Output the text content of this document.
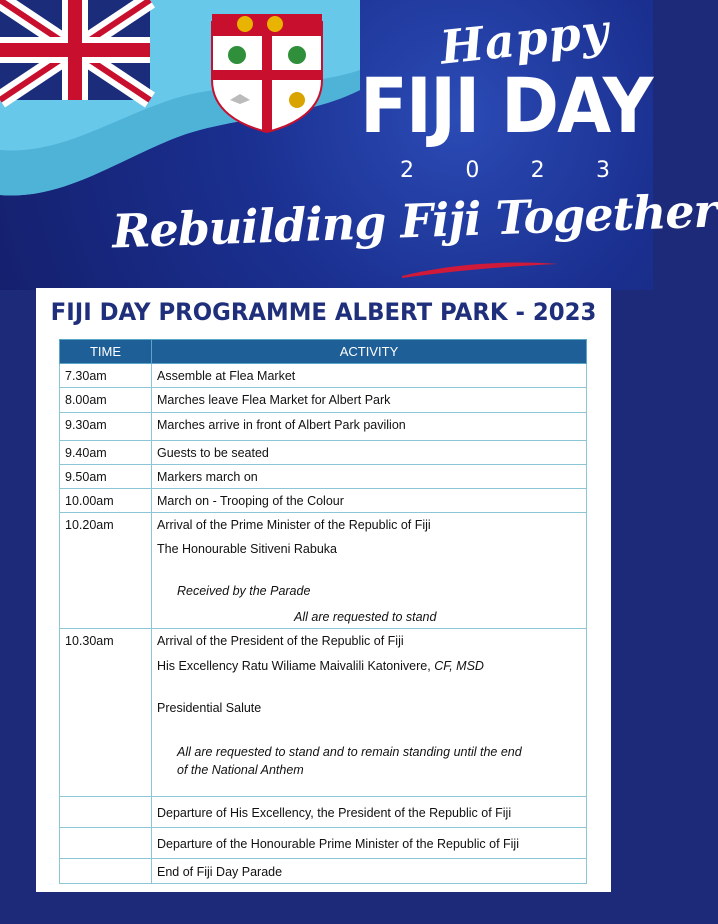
Happy
FIJI DAY
2 0 2 3
Rebuilding Fiji Together
FIJI DAY PROGRAMME ALBERT PARK - 2023
TIME	ACTIVITY
7.30am	Assemble at Flea Market
8.00am	Marches leave Flea Market for Albert Park
9.30am	Marches arrive in front of Albert Park pavilion
9.40am	Guests to be seated
9.50am	Markers march on
10.00am	March on - Trooping of the Colour
10.20am	Arrival of the Prime Minister of the Republic of Fiji
The Honourable Sitiveni Rabuka
Received by the Parade
All are requested to stand

10.30am	Arrival of the President of the Republic of Fiji
His Excellency Ratu Wiliame Maivalili Katonivere, CF, MSD
Presidential Salute
All are requested to stand and to remain standing until the end
of the National Anthem

	Departure of His Excellency, the President of the Republic of Fiji
	Departure of the Honourable Prime Minister of the Republic of Fiji
	End of Fiji Day Parade
